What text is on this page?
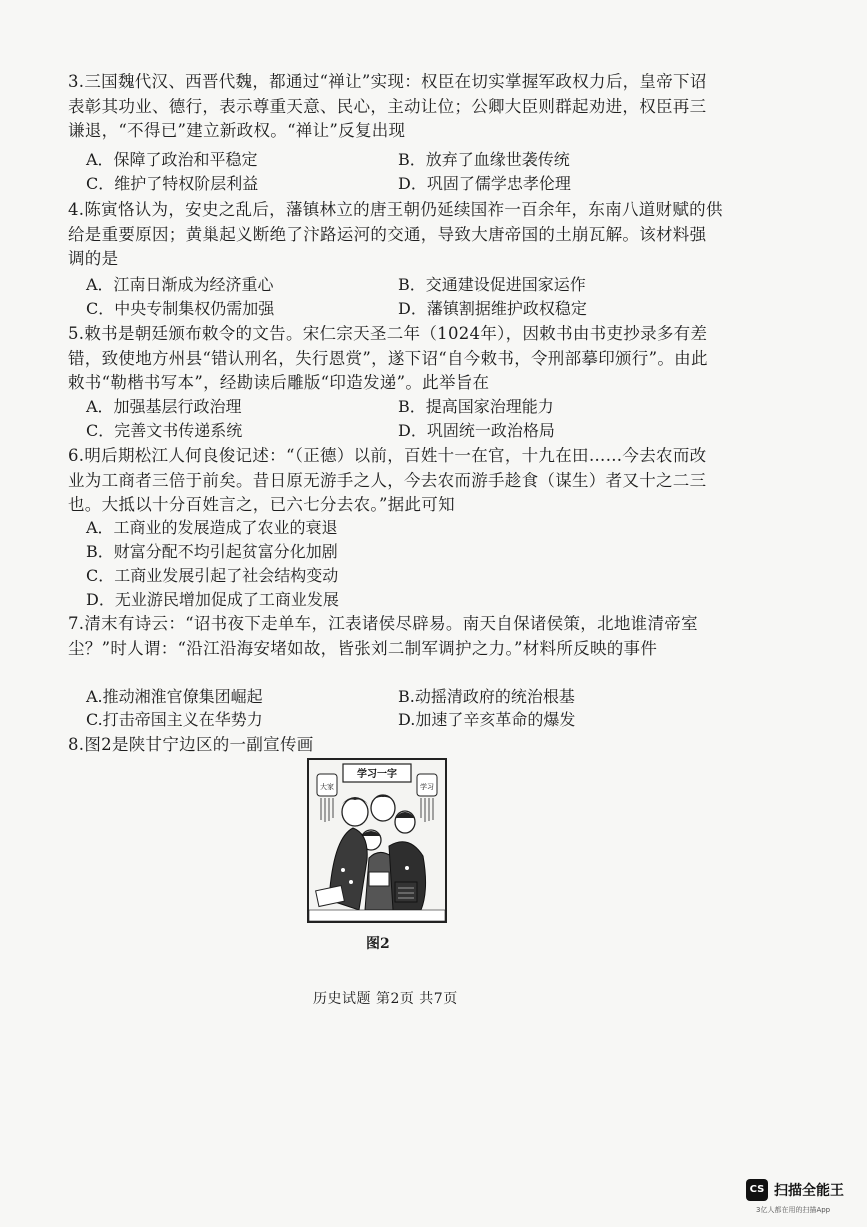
3.三国魏代汉、西晋代魏，都通过“禅让”实现：权臣在切实掌握军政权力后，皇帝下诏表彰其功业、德行，表示尊重天意、民心，主动让位；公卿大臣则群起劝进，权臣再三谦退，“不得已”建立新政权。“禅让”反复出现
A．保障了政治和平稳定	B．放弃了血缘世袭传统
C．维护了特权阶层利益	D．巩固了儒学忠孝伦理
4.陈寅恪认为，安史之乱后，藩镇林立的唐王朝仍延续国祚一百余年，东南八道财赋的供给是重要原因；黄巢起义断绝了汴路运河的交通，导致大唐帝国的土崩瓦解。该材料强调的是
A．江南日渐成为经济重心	B．交通建设促进国家运作
C．中央专制集权仍需加强	D．藩镇割据维护政权稳定
5.敕书是朝廷颁布敕令的文告。宋仁宗天圣二年（1024年），因敕书由书吏抄录多有差错，致使地方州县“错认刑名，失行恩赏”，遂下诏“自今敕书，令刑部摹印颁行”。由此敕书“勒楷书写本”，经勘读后雕版“印造发递”。此举旨在
A．加强基层行政治理	B．提高国家治理能力
C．完善文书传递系统	D．巩固统一政治格局
6.明后期松江人何良俊记述：“（正德）以前，百姓十一在官，十九在田……今去农而改业为工商者三倍于前矣。昔日原无游手之人，今去农而游手趁食（谋生）者又十之二三也。大抵以十分百姓言之，已六七分去农。”据此可知
A．工商业的发展造成了农业的衰退
B．财富分配不均引起贫富分化加剧
C．工商业发展引起了社会结构变动
D．无业游民增加促成了工商业发展
7.清末有诗云：“诏书夜下走单车，江表诸侯尽辟易。南天自保诸侯策，北地谁清帝室尘？”时人谓：“沿江沿海安堵如故，皆张刘二制军调护之力。”材料所反映的事件
A.推动湘淮官僚集团崛起	B.动摇清政府的统治根基
C.打击帝国主义在华势力	D.加速了辛亥革命的爆发
8.图2是陕甘宁边区的一副宣传画
学习一字
大家	学习
图2
历史试题 第2页 共7页
CS 扫描全能王
3亿人都在用的扫描App
